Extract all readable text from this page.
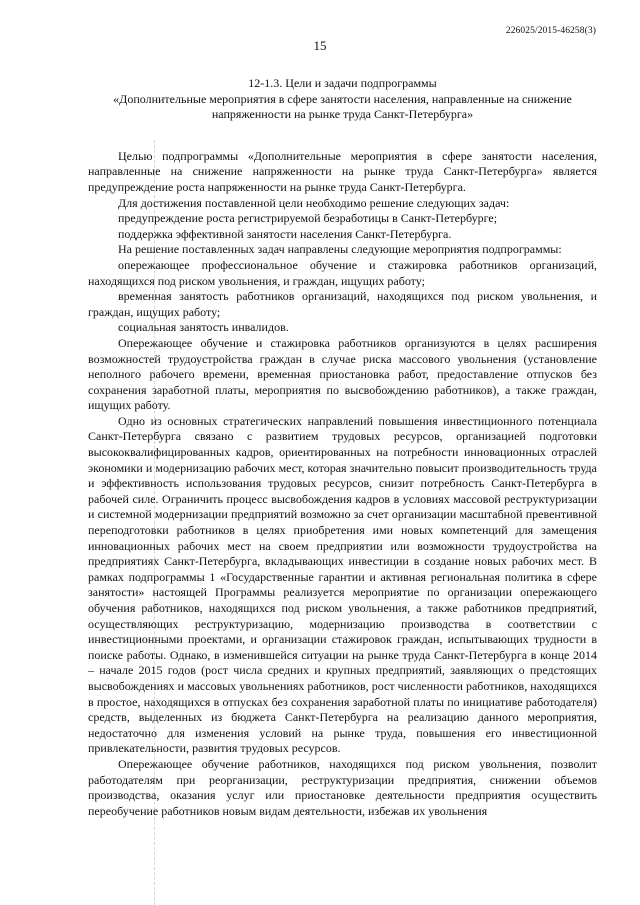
226025/2015-46258(3)
15

12-1.3. Цели и задачи подпрограммы

«Дополнительные мероприятия в сфере занятости населения, направленные на снижение

напряженности на рынке труда Санкт-Петербурга»

Целью подпрограммы «Дополнительные мероприятия в сфере занятости населения, направленные на снижение напряженности на рынке труда Санкт-Петербурга» является предупреждение роста напряженности на рынке труда Санкт-Петербурга.

Для достижения поставленной цели необходимо решение следующих задач:

предупреждение роста регистрируемой безработицы в Санкт-Петербурге;

поддержка эффективной занятости населения Санкт-Петербурга.

На решение поставленных задач направлены следующие мероприятия подпрограммы:

опережающее профессиональное обучение и стажировка работников организаций, находящихся под риском увольнения, и граждан, ищущих работу;

временная занятость работников организаций, находящихся под риском увольнения, и граждан, ищущих работу;

социальная занятость инвалидов.

Опережающее обучение и стажировка работников организуются в целях расширения возможностей трудоустройства граждан в случае риска массового увольнения (установление неполного рабочего времени, временная приостановка работ, предоставление отпусков без сохранения заработной платы, мероприятия по высвобождению работников), а также граждан, ищущих работу.

Одно из основных стратегических направлений повышения инвестиционного потенциала Санкт-Петербурга связано с развитием трудовых ресурсов, организацией подготовки высококвалифицированных кадров, ориентированных на потребности инновационных отраслей экономики и модернизацию рабочих мест, которая значительно повысит производительность труда и эффективность использования трудовых ресурсов, снизит потребность Санкт-Петербурга в рабочей силе. Ограничить процесс высвобождения кадров в условиях массовой реструктуризации и системной модернизации предприятий возможно за счет организации масштабной превентивной переподготовки работников в целях приобретения ими новых компетенций для замещения инновационных рабочих мест на своем предприятии или возможности трудоустройства на предприятиях Санкт-Петербурга, вкладывающих инвестиции в создание новых рабочих мест. В рамках подпрограммы 1 «Государственные гарантии и активная региональная политика в сфере занятости» настоящей Программы реализуется мероприятие по организации опережающего обучения работников, находящихся под риском увольнения, а также работников предприятий, осуществляющих реструктуризацию, модернизацию производства в соответствии с инвестиционными проектами, и организации стажировок граждан, испытывающих трудности в поиске работы. Однако, в изменившейся ситуации на рынке труда Санкт-Петербурга в конце 2014 – начале 2015 годов (рост числа средних и крупных предприятий, заявляющих о предстоящих высвобождениях и массовых увольнениях работников, рост численности работников, находящихся в простое, находящихся в отпусках без сохранения заработной платы по инициативе работодателя) средств, выделенных из бюджета Санкт-Петербурга на реализацию данного мероприятия, недостаточно для изменения условий на рынке труда, повышения его инвестиционной привлекательности, развития трудовых ресурсов.

Опережающее обучение работников, находящихся под риском увольнения, позволит работодателям при реорганизации, реструктуризации предприятия, снижении объемов производства, оказания услуг или приостановке деятельности предприятия осуществить переобучение работников новым видам деятельности, избежав их увольнения
